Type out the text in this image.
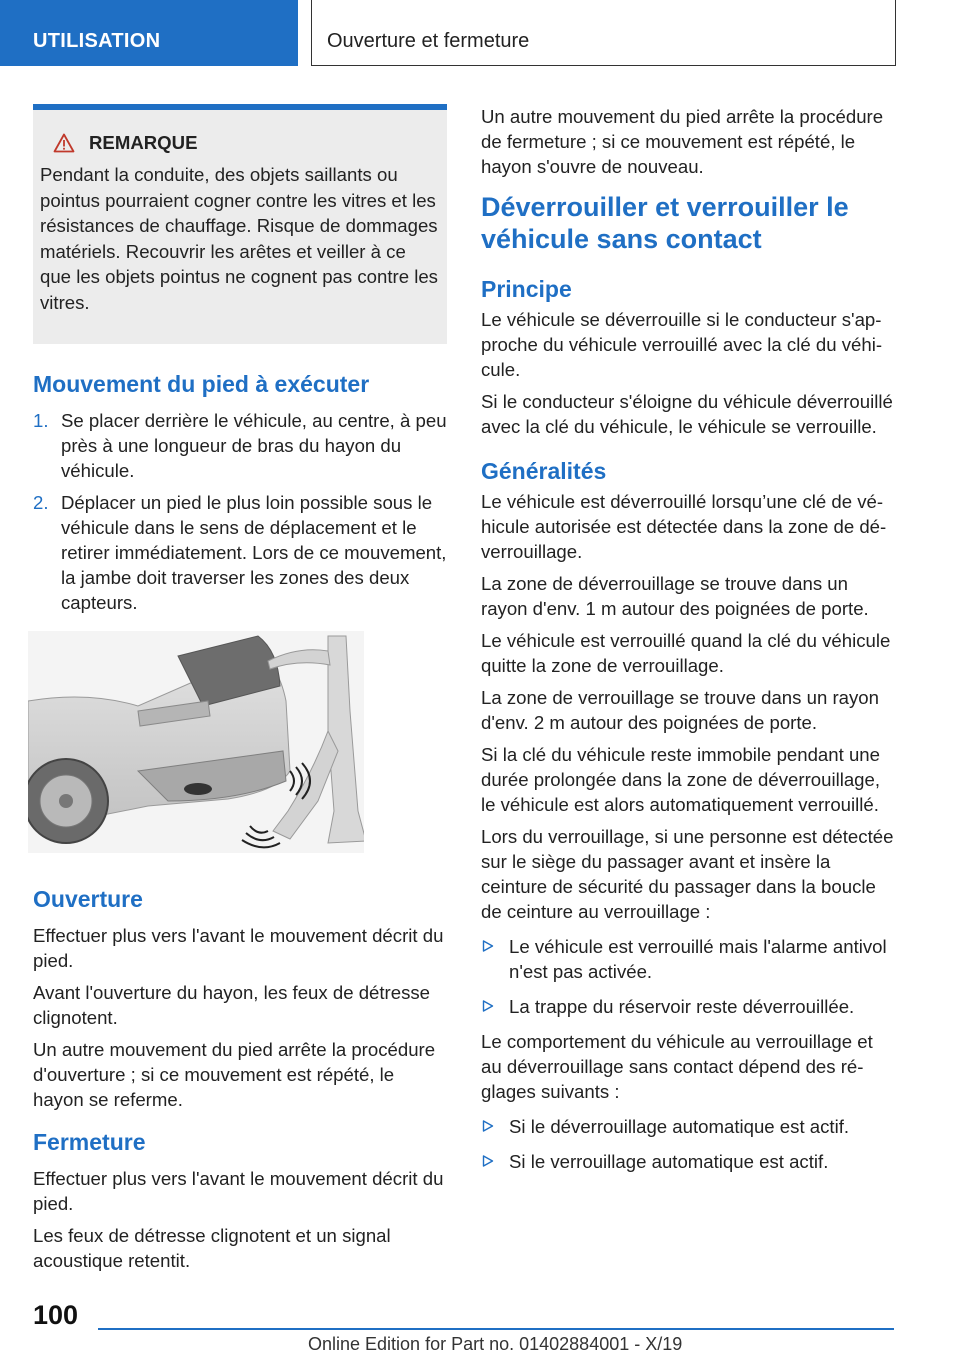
UTILISATION	Ouverture et fermeture
REMARQUE

Pendant la conduite, des objets saillants ou pointus pourraient cogner contre les vitres et les résistances de chauffage. Risque de dommages matériels. Recouvrir les arêtes et veiller à ce que les objets pointus ne cognent pas contre les vitres.

Mouvement du pied à exécuter
1. Se placer derrière le véhicule, au centre, à peu près à une longueur de bras du hayon du véhicule.
2. Déplacer un pied le plus loin possible sous le véhicule dans le sens de déplacement et le retirer immédiatement. Lors de ce mouvement, la jambe doit traverser les zones des deux capteurs.
Ouverture

Effectuer plus vers l'avant le mouvement décrit du pied.

Avant l'ouverture du hayon, les feux de détresse clignotent.

Un autre mouvement du pied arrête la procédure d'ouverture ; si ce mouvement est répété, le hayon se referme.

Fermeture

Effectuer plus vers l'avant le mouvement décrit du pied.

Les feux de détresse clignotent et un signal acoustique retentit.

Un autre mouvement du pied arrête la procédure de fermeture ; si ce mouvement est répété, le hayon s'ouvre de nouveau.

Déverrouiller et verrouiller le véhicule sans contact
Principe

Le véhicule se déverrouille si le conducteur s'approche du véhicule verrouillé avec la clé du véhicule.

Si le conducteur s'éloigne du véhicule déverrouillé avec la clé du véhicule, le véhicule se verrouille.

Généralités

Le véhicule est déverrouillé lorsqu’une clé de véhicule autorisée est détectée dans la zone de déverrouillage.

La zone de déverrouillage se trouve dans un rayon d'env. 1 m autour des poignées de porte.

Le véhicule est verrouillé quand la clé du véhicule quitte la zone de verrouillage.

La zone de verrouillage se trouve dans un rayon d'env. 2 m autour des poignées de porte.

Si la clé du véhicule reste immobile pendant une durée prolongée dans la zone de déverrouillage, le véhicule est alors automatiquement verrouillé.

Lors du verrouillage, si une personne est détectée sur le siège du passager avant et insère la ceinture de sécurité du passager dans la boucle de ceinture au verrouillage :

Le véhicule est verrouillé mais l'alarme antivol n'est pas activée.
La trappe du réservoir reste déverrouillée.

Le comportement du véhicule au verrouillage et au déverrouillage sans contact dépend des réglages suivants :

Si le déverrouillage automatique est actif.
Si le verrouillage automatique est actif.
100
Online Edition for Part no. 01402884001 - X/19
